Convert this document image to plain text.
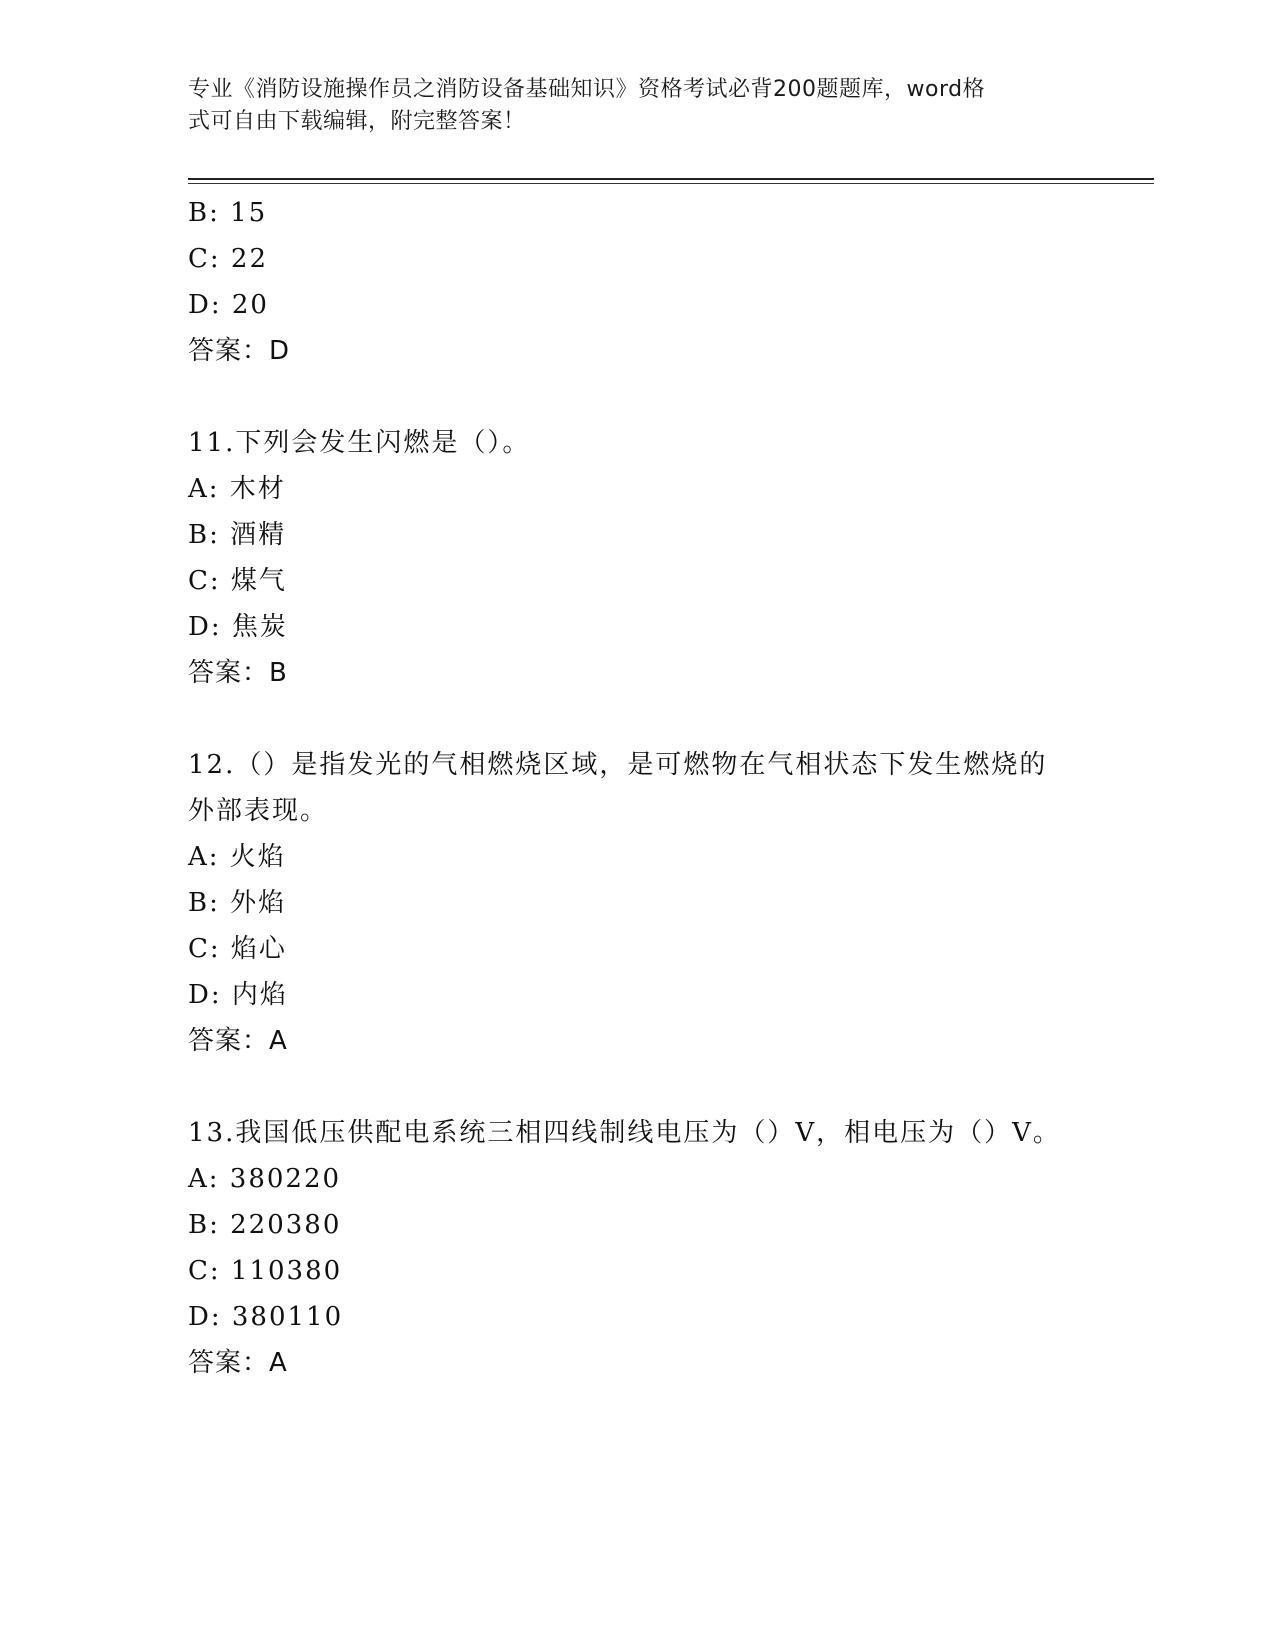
专业《消防设施操作员之消防设备基础知识》资格考试必背200题题库，word格
式可自由下载编辑，附完整答案！
B: 15
C: 22
D: 20
答案：D
11.下列会发生闪燃是（）。
A: 木材
B: 酒精
C: 煤气
D: 焦炭
答案：B
12.（）是指发光的气相燃烧区域，是可燃物在气相状态下发生燃烧的
外部表现。
A: 火焰
B: 外焰
C: 焰心
D: 内焰
答案：A
13.我国低压供配电系统三相四线制线电压为（）V，相电压为（）V。
A: 380220
B: 220380
C: 110380
D: 380110
答案：A
